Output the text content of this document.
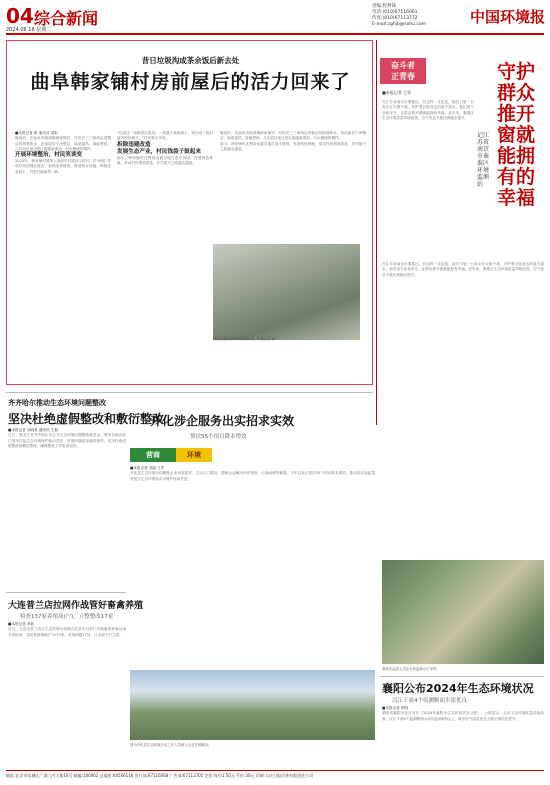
04 综合新闻
2024.06.18 星期二
责编:程利锋
电话:(010)67116061
传真:(010)67113772
E-mail:zghjb@sohu.com	中国环境报
昔日垃圾沟成茶余饭后新去处
曲阜韩家铺村房前屋后的活力回来了

■本报记者 路 通讯员 刘彩

晚饭后，在曲阜市陵城镇韩家铺村，村民们三三两两沿着整洁的街巷散步，房前屋后干净整洁，绿意盎然。谁能想到，几年前这里还是垃圾随意堆放、污水横流的模样。

开展环境整治，村民笑谈变

2023年，韩家铺村被纳入美丽乡村建设示范村，村“两委”带领村民清理垃圾沟，拆除违章建筑，修建排水设施，种植花草树木，村容村貌焕然一新。

“以前这一条路是垃圾沟，一到夏天臭味熏天，现在成了我们遛弯的好地方。”村民韩大爷说。

拆除违建改造

发展生态产业，村民钱袋子鼓起来

如今，韩家铺村还利用闲置空地打造小游园，发展特色种植，带动村民增收致富，乡村振兴之路越走越宽。

晚饭后，在曲阜市陵城镇韩家铺村，村民们三三两两沿着整洁的街巷散步，房前屋后干净整洁，绿意盎然。谁能想到，几年前这里还是垃圾随意堆放、污水横流的模样。

如今，韩家铺村还利用闲置空地打造小游园，发展特色种植，带动村民增收致富，乡村振兴之路越走越宽。

村民在整治后的小游园休闲。本报记者 摄
奋斗者
正青春
■本报记者 王荣
守护群众推开窗就能拥有的幸福
记江苏省南京市秦淮区环境监测站

在江苏省南京市秦淮区，有这样一支队伍，他们日复一日奔走在大街小巷，守护着百姓身边的蓝天碧水。他们用专业和坚守，让群众推开窗就能拥有幸福。近年来，秦淮区生态环境质量持续改善，空气优良天数比例稳步提升。

在江苏省南京市秦淮区，有这样一支队伍，他们日复一日奔走在大街小巷，守护着百姓身边的蓝天碧水。他们用专业和坚守，让群众推开窗就能拥有幸福。近年来，秦淮区生态环境质量持续改善，空气优良天数比例稳步提升。

秦淮区监测人员在水质监测点位采样。
齐齐哈尔推动生态环境问题整改
坚决杜绝虚假整改和敷衍整改

■本报记者 刘晓星 通讯员 王磊

近日，黑龙江省齐齐哈尔市召开生态环境问题整改推进会，要求各地各部门坚决扛起生态环境保护政治责任，对照问题清单逐项销号，坚决杜绝虚假整改和敷衍整改，确保整改工作取得实效。

开化涉企服务出实招求实效
帮扶55个项目降本增效
营商	环境

■本报记者 刘晶 王军

开化县生态环境分局聚焦企业发展需求，主动上门服务，帮助企业解决环评审批、污染治理等难题，今年以来已帮扶55个项目降本增效，推动经济高质量发展与生态环境高水平保护协同并进。

图为开化县生态环境分局工作人员深入企业开展服务。
大连普兰店拉网作战管好畜禽养殖
检查137家养殖场(户)，立整整改17家

■本报记者 李波

近日，大连市普兰店区生态环境分局联合农业农村部门开展畜禽养殖污染专项检查，共检查养殖场(户)137家，发现问题17处，已全部立行立改。

襄阳公布2024年生态环境状况
汉江干流4个监测断面水质优良

■本报记者 钟明

湖北省襄阳市近日发布《2024年襄阳市生态环境状况公报》。公报显示，全市生态环境质量持续改善，汉江干流4个监测断面水质均达到Ⅱ类以上，城市空气质量优良天数比例同比提升。

地址:北京市东城区广渠门内大街16号 邮编:100062 总编室:64566116 发行部:67116068 广告部:67113705 定价:每份1.50元 月价:30元 印刷:人民日报印务有限责任公司
